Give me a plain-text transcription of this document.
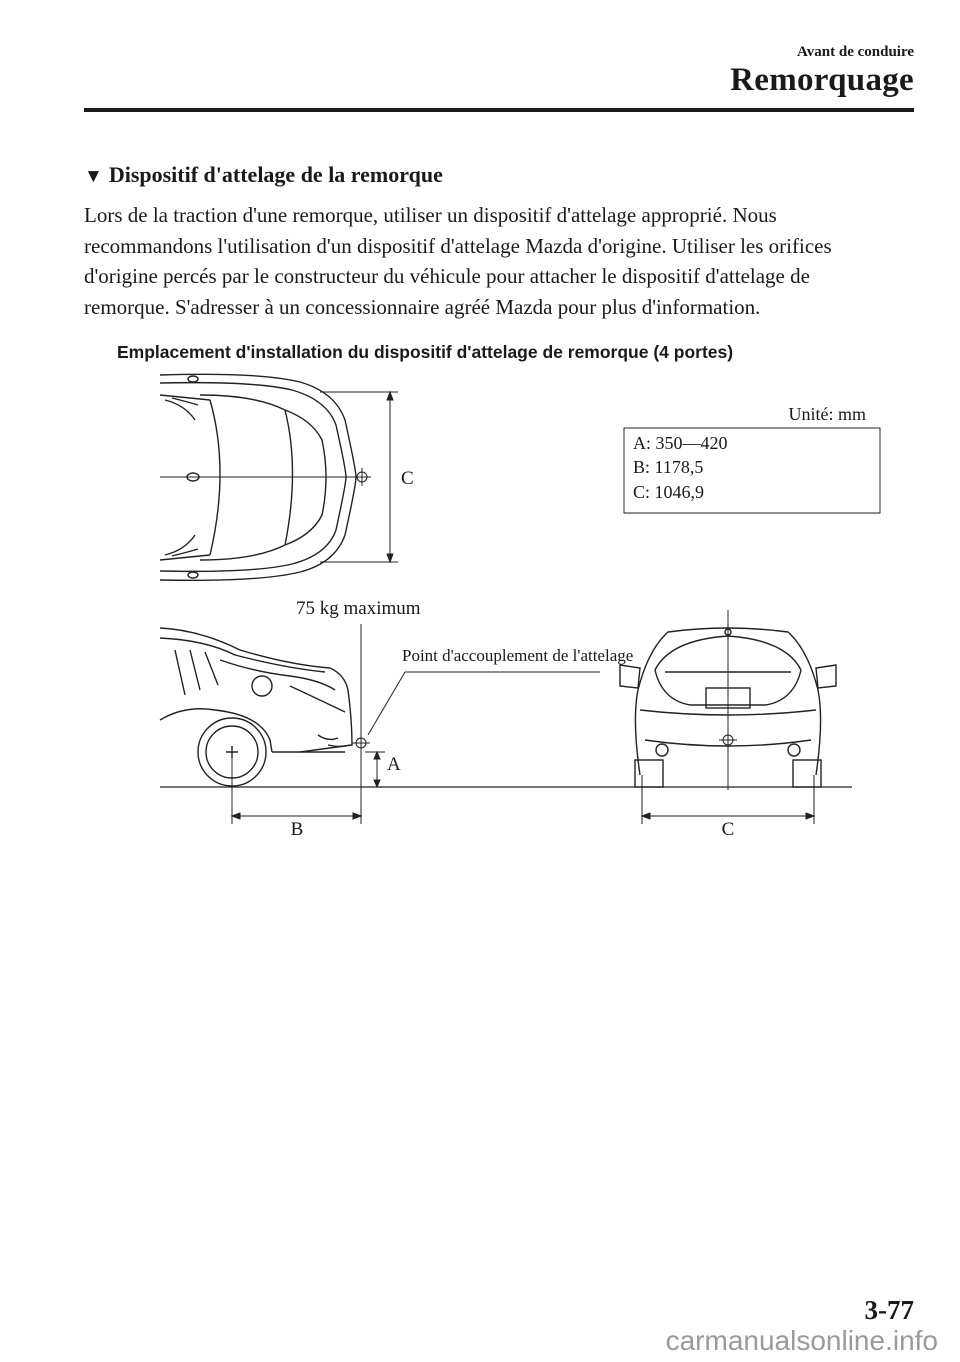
Avant de conduire
Remorquage
▼ Dispositif d'attelage de la remorque
Lors de la traction d'une remorque, utiliser un dispositif d'attelage approprié. Nous recommandons l'utilisation d'un dispositif d'attelage Mazda d'origine. Utiliser les orifices d'origine percés par le constructeur du véhicule pour attacher le dispositif d'attelage de remorque. S'adresser à un concessionnaire agréé Mazda pour plus d'information.
Emplacement d'installation du dispositif d'attelage de remorque (4 portes)
C
Unité: mm
A: 350—420
B: 1178,5
C: 1046,9
75 kg maximum
Point d'accouplement de l'attelage
A
B	C
3-77
carmanualsonline.info
